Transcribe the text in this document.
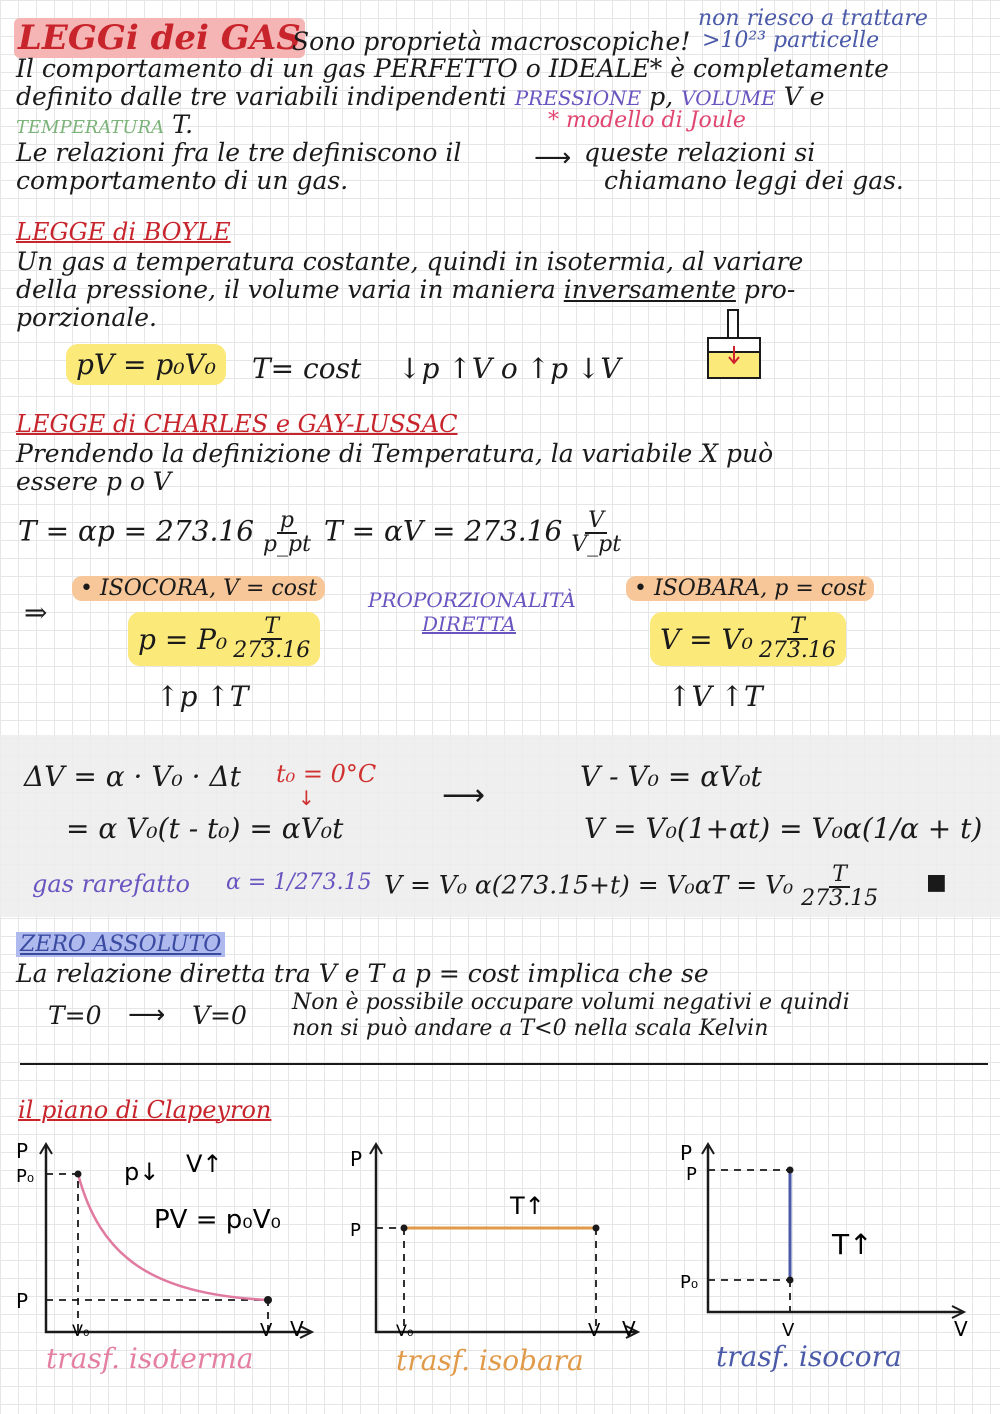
LEGGi dei GAS
Sono proprietà macroscopiche!
non riesco a trattare
>10²³ particelle
Il comportamento di un gas PERFETTO o IDEALE* è completamente
definito dalle tre variabili indipendenti PRESSIONE p, VOLUME V e
TEMPERATURA T.	* modello di Joule
Le relazioni fra le tre definiscono il
comportamento di un gas.
⟶ queste relazioni si
chiamano leggi dei gas.
LEGGE di BOYLE
Un gas a temperatura costante, quindi in isotermia, al variare
della pressione, il volume varia in maniera inversamente pro-
porzionale.
pV = p₀V₀	T= cost ↓p ↑V o ↑p ↓V
LEGGE di CHARLES e GAY-LUSSAC
Prendendo la definizione di Temperatura, la variabile X può
essere p o V
$T = \alpha p = 273.16 \frac{p}{p\_pt}$ $T = \alpha V = 273.16 \frac{V}{V\_pt}$
⇒
• ISOCORA, V = cost
$p = P_0 \frac{T}{273.16}$
↑p ↑T
PROPORZIONALITÀ
DIRETTA
• ISOBARA, p = cost
$V = V_0 \frac{T}{273.16}$
↑V ↑T
ΔV = α · V₀ · Δt t₀ = 0°C
↓
= α V₀(t - t₀) = αV₀t
⟶
V - V₀ = αV₀t
V = V₀(1+αt) = V₀α(1/α + t)
gas rarefatto α = 1/273.15 V = V₀ $\alpha(273.15+t) = V_0\alpha T = V_0 \frac{T}{273.15}$ ■
ZERO ASSOLUTO
La relazione diretta tra V e T a p = cost implica che se
T=0 ⟶ V=0 Non è possibile occupare volumi negativi e quindi
non si può andare a T<0 nella scala Kelvin
il piano di Clapeyron
P
P₀
P
V₀	V V
p↓ V↑
PV = p₀V₀
trasf. isoterma
P
P
V₀	V V
T↑
trasf. isobara
P
P
P₀
V	V
T↑
trasf. isocora
